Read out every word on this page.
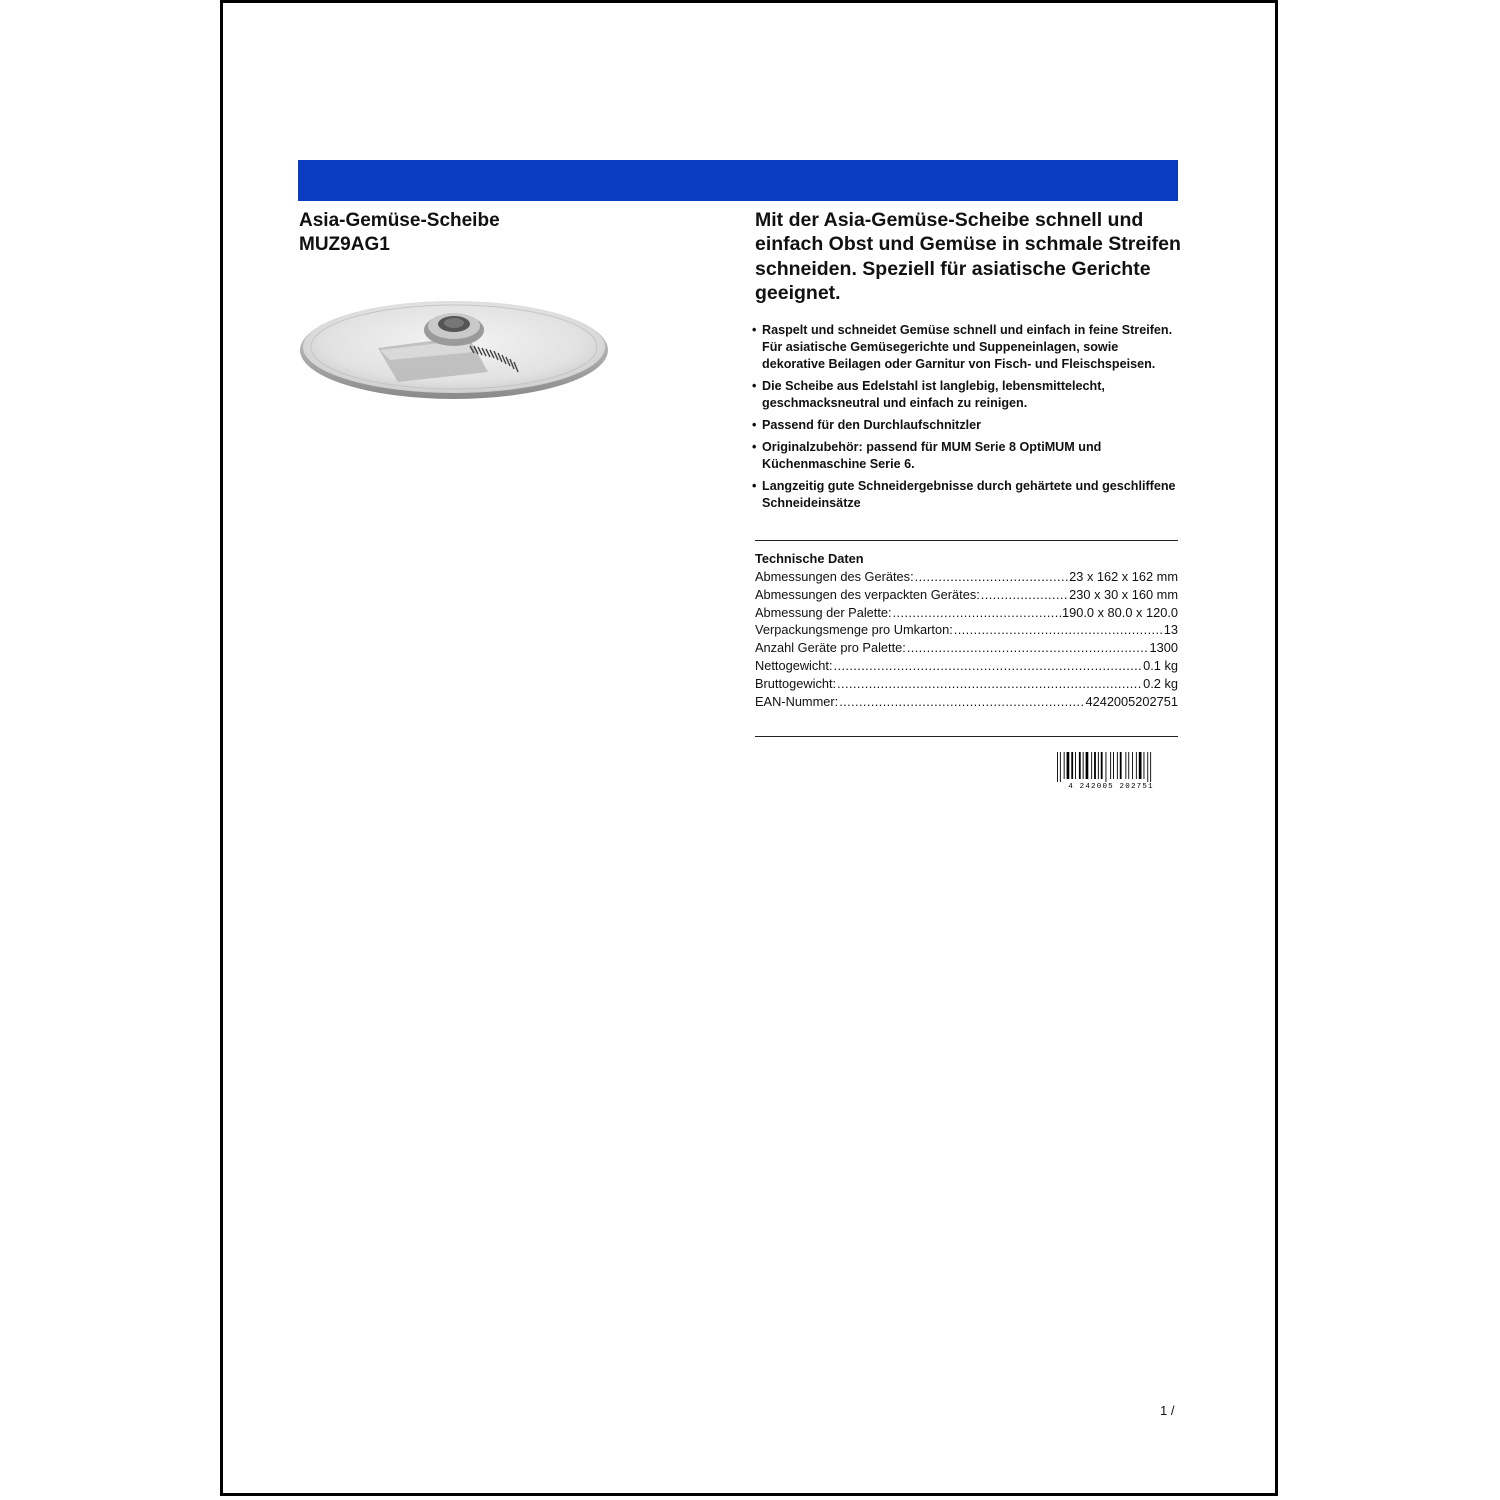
Asia-Gemüse-Scheibe
MUZ9AG1
Mit der Asia-Gemüse-Scheibe schnell und einfach Obst und Gemüse in schmale Streifen schneiden. Speziell für asiatische Gerichte geeignet.
• Raspelt und schneidet Gemüse schnell und einfach in feine Streifen. Für asiatische Gemüsegerichte und Suppeneinlagen, sowie dekorative Beilagen oder Garnitur von Fisch- und Fleischspeisen.
• Die Scheibe aus Edelstahl ist langlebig, lebensmittelecht, geschmacksneutral und einfach zu reinigen.
• Passend für den Durchlaufschnitzler
• Originalzubehör: passend für MUM Serie 8 OptiMUM und Küchenmaschine Serie 6.
• Langzeitig gute Schneidergebnisse durch gehärtete und geschliffene Schneideinsätze
Technische Daten
Abmessungen des Gerätes: .....	23 x 162 x 162 mm
Abmessungen des verpackten Gerätes: .....	230 x 30 x 160 mm
Abmessung der Palette: .....	190.0 x 80.0 x 120.0
Verpackungsmenge pro Umkarton: .....	13
Anzahl Geräte pro Palette: .....	1300
Nettogewicht: .....	0.1 kg
Bruttogewicht: .....	0.2 kg
EAN-Nummer: .....	4242005202751
4 242005 202751
1 /
